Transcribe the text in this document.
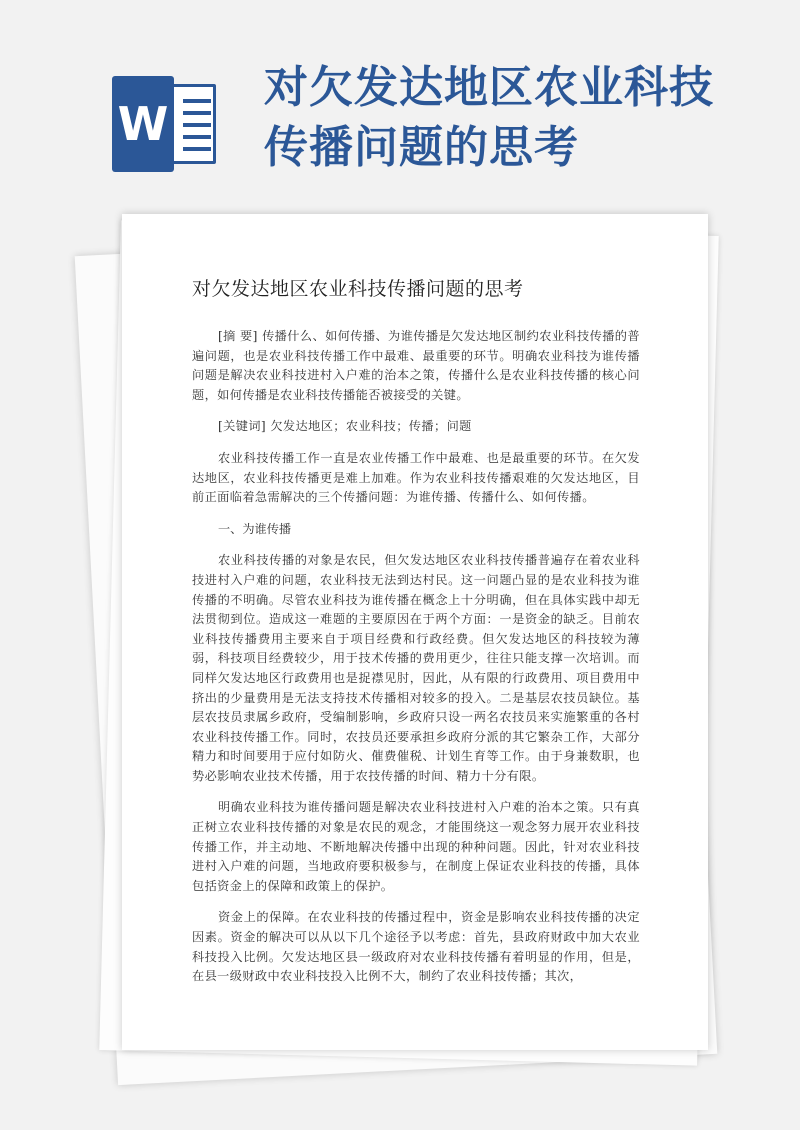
W
对欠发达地区农业科技
传播问题的思考
对欠发达地区农业科技传播问题的思考

[摘 要] 传播什么、如何传播、为谁传播是欠发达地区制约农业科技传播的普遍问题，也是农业科技传播工作中最难、最重要的环节。明确农业科技为谁传播问题是解决农业科技进村入户难的治本之策，传播什么是农业科技传播的核心问题，如何传播是农业科技传播能否被接受的关键。

[关键词] 欠发达地区；农业科技；传播；问题

农业科技传播工作一直是农业传播工作中最难、也是最重要的环节。在欠发达地区，农业科技传播更是难上加难。作为农业科技传播艰难的欠发达地区，目前正面临着急需解决的三个传播问题：为谁传播、传播什么、如何传播。

一、为谁传播

农业科技传播的对象是农民，但欠发达地区农业科技传播普遍存在着农业科技进村入户难的问题，农业科技无法到达村民。这一问题凸显的是农业科技为谁传播的不明确。尽管农业科技为谁传播在概念上十分明确，但在具体实践中却无法贯彻到位。造成这一难题的主要原因在于两个方面：一是资金的缺乏。目前农业科技传播费用主要来自于项目经费和行政经费。但欠发达地区的科技较为薄弱，科技项目经费较少，用于技术传播的费用更少，往往只能支撑一次培训。而同样欠发达地区行政费用也是捉襟见肘，因此，从有限的行政费用、项目费用中挤出的少量费用是无法支持技术传播相对较多的投入。二是基层农技员缺位。基层农技员隶属乡政府，受编制影响，乡政府只设一两名农技员来实施繁重的各村农业科技传播工作。同时，农技员还要承担乡政府分派的其它繁杂工作，大部分精力和时间要用于应付如防火、催费催税、计划生育等工作。由于身兼数职，也势必影响农业技术传播，用于农技传播的时间、精力十分有限。

明确农业科技为谁传播问题是解决农业科技进村入户难的治本之策。只有真正树立农业科技传播的对象是农民的观念，才能围绕这一观念努力展开农业科技传播工作，并主动地、不断地解决传播中出现的种种问题。因此，针对农业科技进村入户难的问题，当地政府要积极参与，在制度上保证农业科技的传播，具体包括资金上的保障和政策上的保护。

资金上的保障。在农业科技的传播过程中，资金是影响农业科技传播的决定因素。资金的解决可以从以下几个途径予以考虑：首先，县政府财政中加大农业科技投入比例。欠发达地区县一级政府对农业科技传播有着明显的作用，但是，在县一级财政中农业科技投入比例不大，制约了农业科技传播；其次，
